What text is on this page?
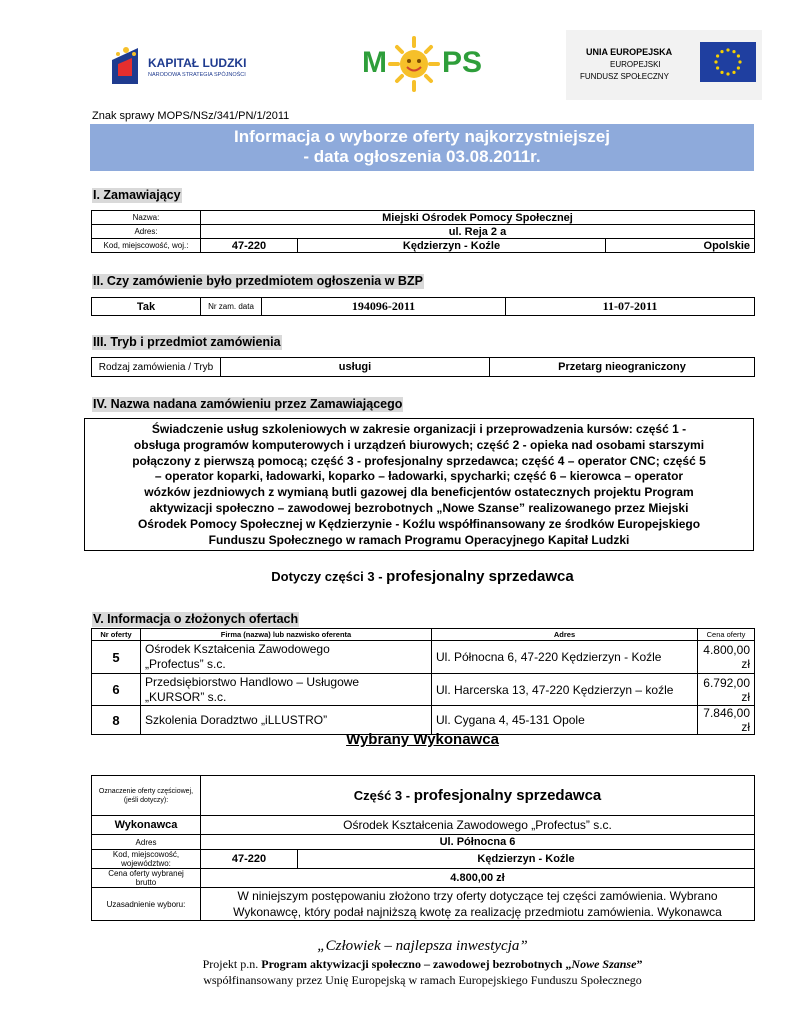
KAPITAŁ LUDZKI
NARODOWA STRATEGIA SPÓJNOŚCI	M PS	UNIA EUROPEJSKA
EUROPEJSKI
FUNDUSZ SPOŁECZNY
Znak sprawy MOPS/NSz/341/PN/1/2011
Informacja o wyborze oferty najkorzystniejszej
- data ogłoszenia 03.08.2011r.
I. Zamawiający
Nazwa:	Miejski Ośrodek Pomocy Społecznej		
Adres:	ul. Reja 2 a		
Kod, miejscowość, woj.:	47-220	Kędzierzyn - Koźle	Opolskie
II. Czy zamówienie było przedmiotem ogłoszenia w BZP
Tak	Nr zam. data	194096-2011	11-07-2011
III. Tryb i przedmiot zamówienia
Rodzaj zamówienia / Tryb	usługi	Przetarg nieograniczony
IV. Nazwa nadana zamówieniu przez Zamawiającego
Świadczenie usług szkoleniowych w zakresie organizacji i przeprowadzenia kursów: część 1 -
obsługa programów komputerowych i urządzeń biurowych; część 2 - opieka nad osobami starszymi
połączony z pierwszą pomocą; część 3 - profesjonalny sprzedawca; część 4 – operator CNC; część 5
– operator koparki, ładowarki, koparko – ładowarki, spycharki; część 6 – kierowca – operator
wózków jezdniowych z wymianą butli gazowej dla beneficjentów ostatecznych projektu Program
aktywizacji społeczno – zawodowej bezrobotnych „Nowe Szanse” realizowanego przez Miejski
Ośrodek Pomocy Społecznej w Kędzierzynie - Koźlu współfinansowany ze środków Europejskiego
Funduszu Społecznego w ramach Programu Operacyjnego Kapitał Ludzki
Dotyczy części 3 - profesjonalny sprzedawca
V. Informacja o złożonych ofertach
Nr oferty	Firma (nazwa) lub nazwisko oferenta	Adres	Cena oferty
5	Ośrodek Kształcenia Zawodowego
„Profectus” s.c.	Ul. Północna 6, 47-220 Kędzierzyn - Koźle	4.800,00 zł
6	Przedsiębiorstwo Handlowo – Usługowe
„KURSOR” s.c.	Ul. Harcerska 13, 47-220 Kędzierzyn – koźle	6.792,00 zł
8	Szkolenia Doradztwo „iLLUSTRO”	Ul. Cygana 4, 45-131 Opole	7.846,00 zł
Wybrany Wykonawca
Oznaczenie oferty częściowej,
(jeśli dotyczy):	Część 3 - profesjonalny sprzedawca	
Wykonawca	Ośrodek Kształcenia Zawodowego „Profectus” s.c.	
Adres	Ul. Północna 6	

Kod, miejscowość,
województwo:	47-220	Kędzierzyn - Koźle

Cena oferty wybranej
brutto	4.800,00 zł	
Uzasadnienie wyboru:	W niniejszym postępowaniu złożono trzy oferty dotyczące tej części zamówienia. Wybrano
Wykonawcę, który podał najniższą kwotę za realizację przedmiotu zamówienia. Wykonawca	
„Człowiek – najlepsza inwestycja”
Projekt p.n. Program aktywizacji społeczno – zawodowej bezrobotnych „Nowe Szanse”
współfinansowany przez Unię Europejską w ramach Europejskiego Funduszu Społecznego
